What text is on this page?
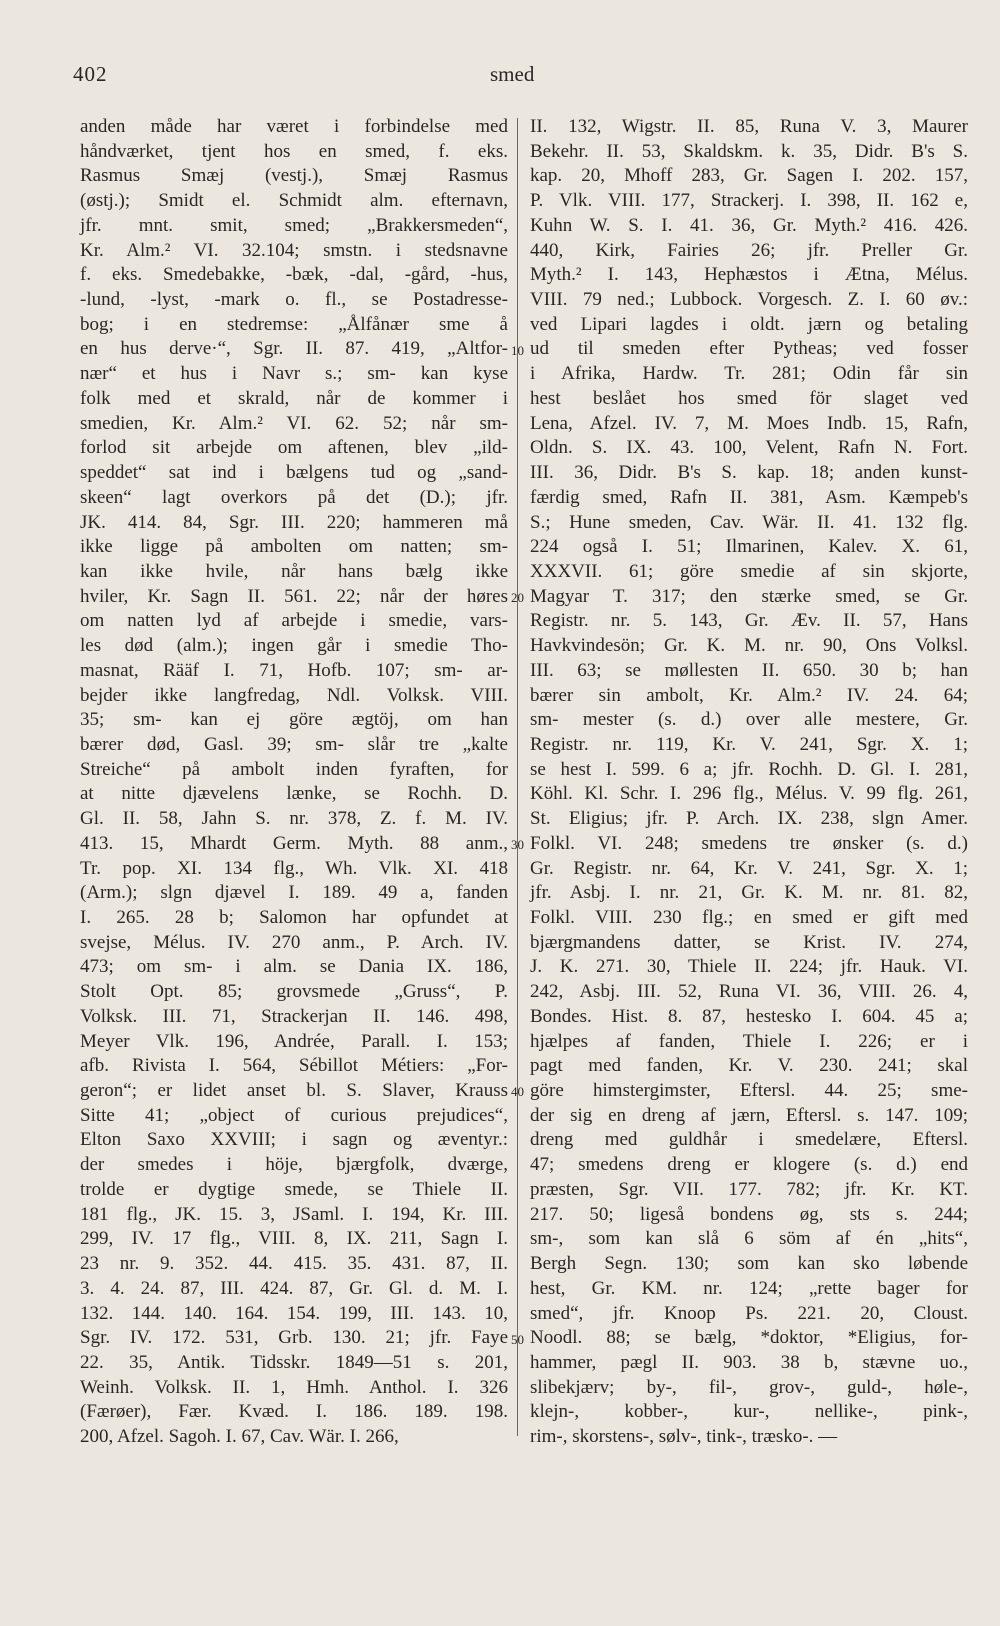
402	smed
anden måde har været i forbindelse med
håndværket, tjent hos en smed, f. eks.
Rasmus Smæj (vestj.), Smæj Rasmus
(østj.); Smidt el. Schmidt alm. efternavn,
jfr. mnt. smit, smed; „Brakkersmeden“,
Kr. Alm.² VI. 32.104; smstn. i stedsnavne
f. eks. Smedebakke, -bæk, -dal, -gård, -hus,
-lund, -lyst, -mark o. fl., se Postadresse-
bog; i en stedremse: „Ålfånær sme å
en hus derve·“, Sgr. II. 87. 419, „Altfor-
nær“ et hus i Navr s.; sm- kan kyse
folk med et skrald, når de kommer i
smedien, Kr. Alm.² VI. 62. 52; når sm-
forlod sit arbejde om aftenen, blev „ild-
speddet“ sat ind i bælgens tud og „sand-
skeen“ lagt overkors på det (D.); jfr.
JK. 414. 84, Sgr. III. 220; hammeren må
ikke ligge på ambolten om natten; sm-
kan ikke hvile, når hans bælg ikke
hviler, Kr. Sagn II. 561. 22; når der høres
om natten lyd af arbejde i smedie, vars-
les død (alm.); ingen går i smedie Tho-
masnat, Rääf I. 71, Hofb. 107; sm- ar-
bejder ikke langfredag, Ndl. Volksk. VIII.
35; sm- kan ej göre ægtöj, om han
bærer død, Gasl. 39; sm- slår tre „kalte
Streiche“ på ambolt inden fyraften, for
at nitte djævelens lænke, se Rochh. D.
Gl. II. 58, Jahn S. nr. 378, Z. f. M. IV.
413. 15, Mhardt Germ. Myth. 88 anm.,
Tr. pop. XI. 134 flg., Wh. Vlk. XI. 418
(Arm.); slgn djævel I. 189. 49 a, fanden
I. 265. 28 b; Salomon har opfundet at
svejse, Mélus. IV. 270 anm., P. Arch. IV.
473; om sm- i alm. se Dania IX. 186,
Stolt Opt. 85; grovsmede „Gruss“, P.
Volksk. III. 71, Strackerjan II. 146. 498,
Meyer Vlk. 196, Andrée, Parall. I. 153;
afb. Rivista I. 564, Sébillot Métiers: „For-
geron“; er lidet anset bl. S. Slaver, Krauss
Sitte 41; „object of curious prejudices“,
Elton Saxo XXVIII; i sagn og æventyr.:
der smedes i höje, bjærgfolk, dværge,
trolde er dygtige smede, se Thiele II.
181 flg., JK. 15. 3, JSaml. I. 194, Kr. III.
299, IV. 17 flg., VIII. 8, IX. 211, Sagn I.
23 nr. 9. 352. 44. 415. 35. 431. 87, II.
3. 4. 24. 87, III. 424. 87, Gr. Gl. d. M. I.
132. 144. 140. 164. 154. 199, III. 143. 10,
Sgr. IV. 172. 531, Grb. 130. 21; jfr. Faye
22. 35, Antik. Tidsskr. 1849—51 s. 201,
Weinh. Volksk. II. 1, Hmh. Anthol. I. 326
(Færøer), Fær. Kvæd. I. 186. 189. 198.
200, Afzel. Sagoh. I. 67, Cav. Wär. I. 266,
10
20
30
40
50
II. 132, Wigstr. II. 85, Runa V. 3, Maurer
Bekehr. II. 53, Skaldskm. k. 35, Didr. B's S.
kap. 20, Mhoff 283, Gr. Sagen I. 202. 157,
P. Vlk. VIII. 177, Strackerj. I. 398, II. 162 e,
Kuhn W. S. I. 41. 36, Gr. Myth.² 416. 426.
440, Kirk, Fairies 26; jfr. Preller Gr.
Myth.² I. 143, Hephæstos i Ætna, Mélus.
VIII. 79 ned.; Lubbock. Vorgesch. Z. I. 60 øv.:
ved Lipari lagdes i oldt. jærn og betaling
ud til smeden efter Pytheas; ved fosser
i Afrika, Hardw. Tr. 281; Odin får sin
hest beslået hos smed för slaget ved
Lena, Afzel. IV. 7, M. Moes Indb. 15, Rafn,
Oldn. S. IX. 43. 100, Velent, Rafn N. Fort.
III. 36, Didr. B's S. kap. 18; anden kunst-
færdig smed, Rafn II. 381, Asm. Kæmpeb's
S.; Hune smeden, Cav. Wär. II. 41. 132 flg.
224 også I. 51; Ilmarinen, Kalev. X. 61,
XXXVII. 61; göre smedie af sin skjorte,
Magyar T. 317; den stærke smed, se Gr.
Registr. nr. 5. 143, Gr. Æv. II. 57, Hans
Havkvindesön; Gr. K. M. nr. 90, Ons Volksl.
III. 63; se møllesten II. 650. 30 b; han
bærer sin ambolt, Kr. Alm.² IV. 24. 64;
sm- mester (s. d.) over alle mestere, Gr.
Registr. nr. 119, Kr. V. 241, Sgr. X. 1;
se hest I. 599. 6 a; jfr. Rochh. D. Gl. I. 281,
Köhl. Kl. Schr. I. 296 flg., Mélus. V. 99 flg. 261,
St. Eligius; jfr. P. Arch. IX. 238, slgn Amer.
Folkl. VI. 248; smedens tre ønsker (s. d.)
Gr. Registr. nr. 64, Kr. V. 241, Sgr. X. 1;
jfr. Asbj. I. nr. 21, Gr. K. M. nr. 81. 82,
Folkl. VIII. 230 flg.; en smed er gift med
bjærgmandens datter, se Krist. IV. 274,
J. K. 271. 30, Thiele II. 224; jfr. Hauk. VI.
242, Asbj. III. 52, Runa VI. 36, VIII. 26. 4,
Bondes. Hist. 8. 87, hestesko I. 604. 45 a;
hjælpes af fanden, Thiele I. 226; er i
pagt med fanden, Kr. V. 230. 241; skal
göre himstergimster, Eftersl. 44. 25; sme-
der sig en dreng af jærn, Eftersl. s. 147. 109;
dreng med guldhår i smedelære, Eftersl.
47; smedens dreng er klogere (s. d.) end
præsten, Sgr. VII. 177. 782; jfr. Kr. KT.
217. 50; ligeså bondens øg, sts s. 244;
sm-, som kan slå 6 söm af én „hits“,
Bergh Segn. 130; som kan sko løbende
hest, Gr. KM. nr. 124; „rette bager for
smed“, jfr. Knoop Ps. 221. 20, Cloust.
Noodl. 88; se bælg, *doktor, *Eligius, for-
hammer, pægl II. 903. 38 b, stævne uo.,
slibekjærv; by-, fil-, grov-, guld-, høle-,
klejn-, kobber-, kur-, nellike-, pink-,
rim-, skorstens-, sølv-, tink-, træsko-. —
